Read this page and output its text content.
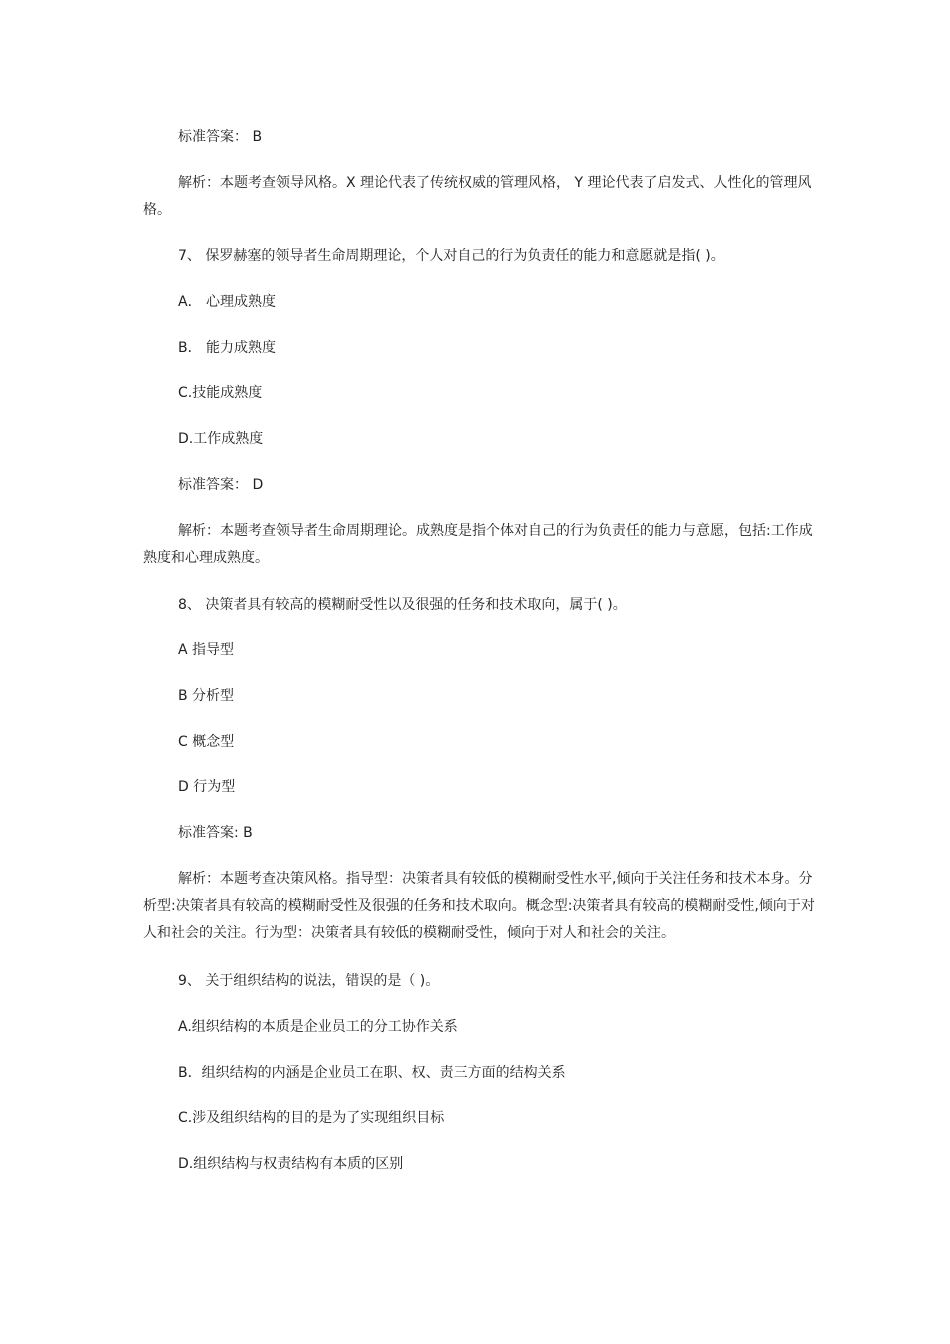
标准答案： B
解析：本题考查领导风格。X 理论代表了传统权威的管理风格， Y 理论代表了启发式、人性化的管理风格。
7、 保罗赫塞的领导者生命周期理论，个人对自己的行为负责任的能力和意愿就是指( )。
A． 心理成熟度
B． 能力成熟度
C.技能成熟度
D.工作成熟度
标准答案： D
解析：本题考查领导者生命周期理论。成熟度是指个体对自己的行为负责任的能力与意愿，包括:工作成熟度和心理成熟度。
8、 决策者具有较高的模糊耐受性以及很强的任务和技术取向，属于( )。
A 指导型
B 分析型
C 概念型
D 行为型
标准答案: B
解析：本题考查决策风格。指导型：决策者具有较低的模糊耐受性水平,倾向于关注任务和技术本身。分析型:决策者具有较高的模糊耐受性及很强的任务和技术取向。概念型:决策者具有较高的模糊耐受性,倾向于对人和社会的关注。行为型：决策者具有较低的模糊耐受性，倾向于对人和社会的关注。
9、 关于组织结构的说法，错误的是（ )。
A.组织结构的本质是企业员工的分工协作关系
B．组织结构的内涵是企业员工在职、权、责三方面的结构关系
C.涉及组织结构的目的是为了实现组织目标
D.组织结构与权责结构有本质的区别
